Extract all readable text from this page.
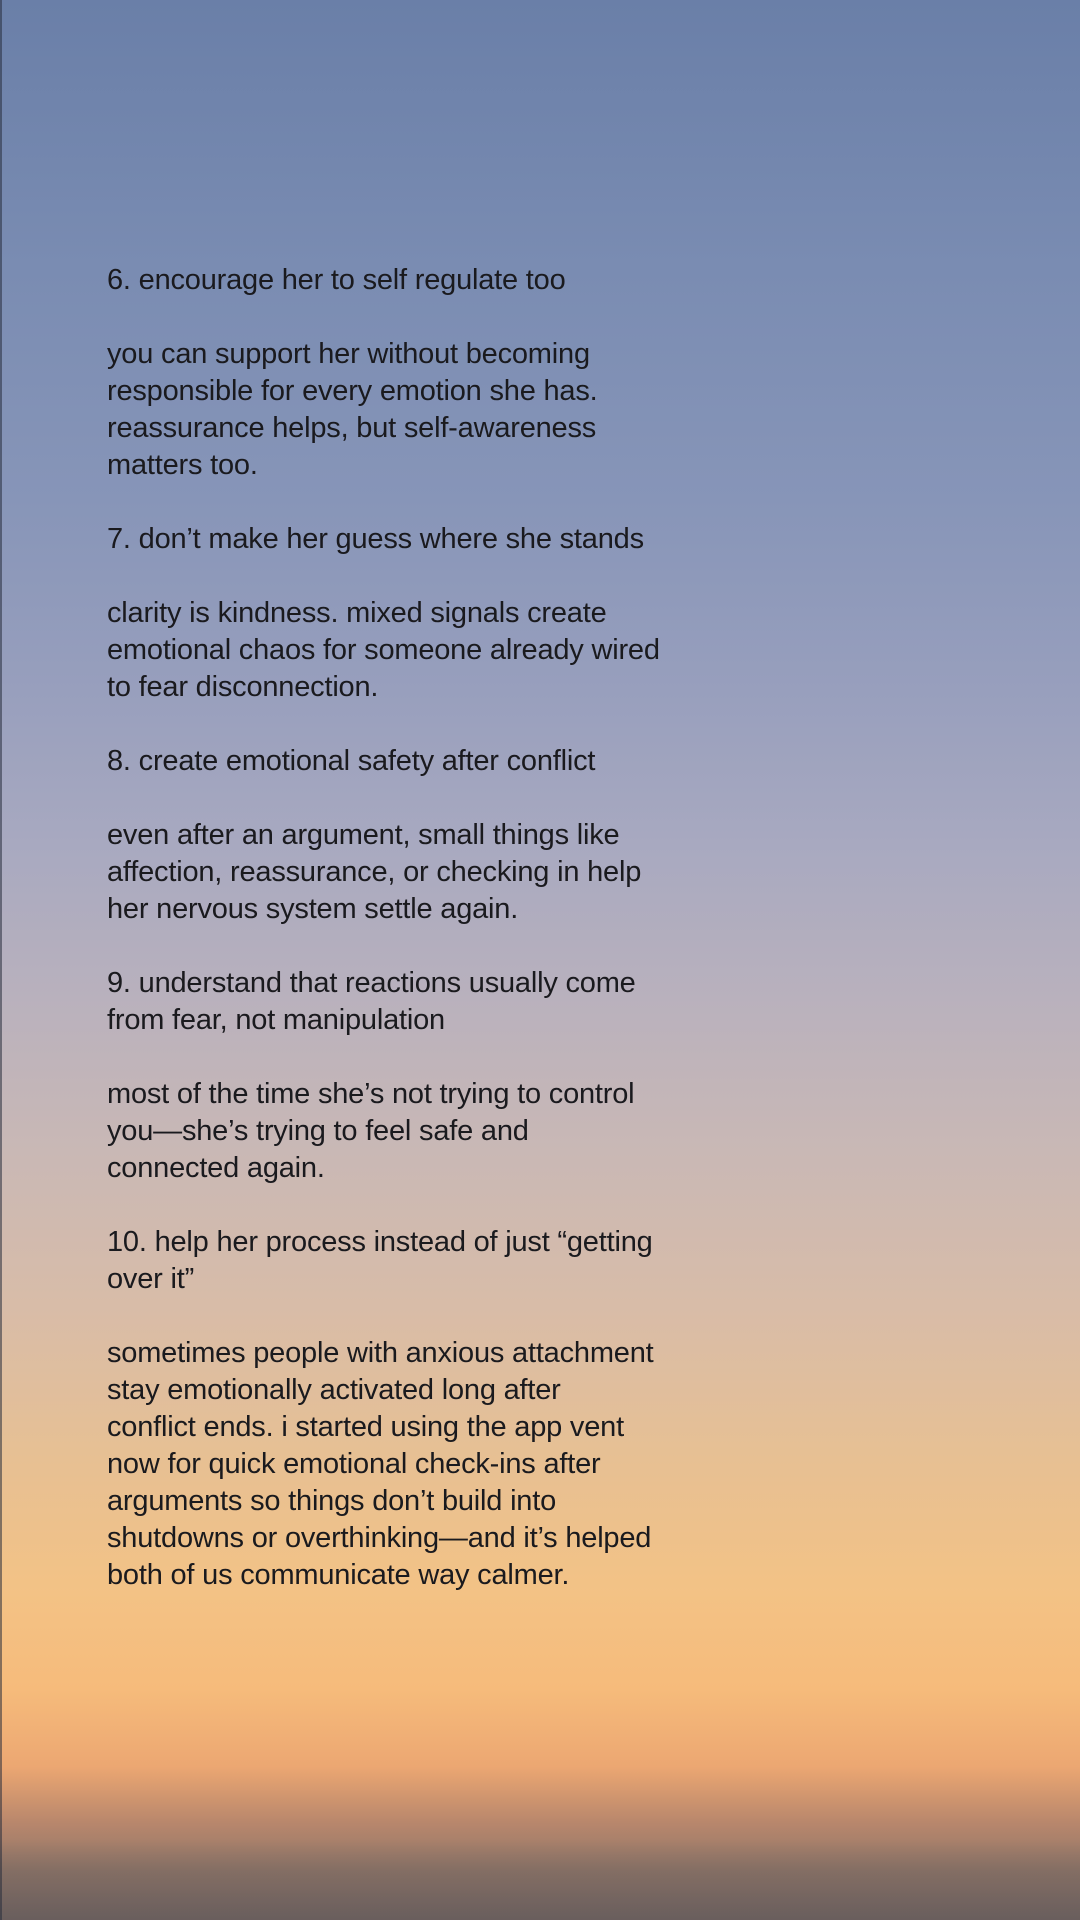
6. encourage her to self regulate too
you can support her without becoming
responsible for every emotion she has.
reassurance helps, but self-awareness
matters too.
7. don’t make her guess where she stands
clarity is kindness. mixed signals create
emotional chaos for someone already wired
to fear disconnection.
8. create emotional safety after conflict
even after an argument, small things like
affection, reassurance, or checking in help
her nervous system settle again.
9. understand that reactions usually come
from fear, not manipulation
most of the time she’s not trying to control
you—she’s trying to feel safe and
connected again.
10. help her process instead of just “getting
over it”
sometimes people with anxious attachment
stay emotionally activated long after
conflict ends. i started using the app vent
now for quick emotional check-ins after
arguments so things don’t build into
shutdowns or overthinking—and it’s helped
both of us communicate way calmer.
